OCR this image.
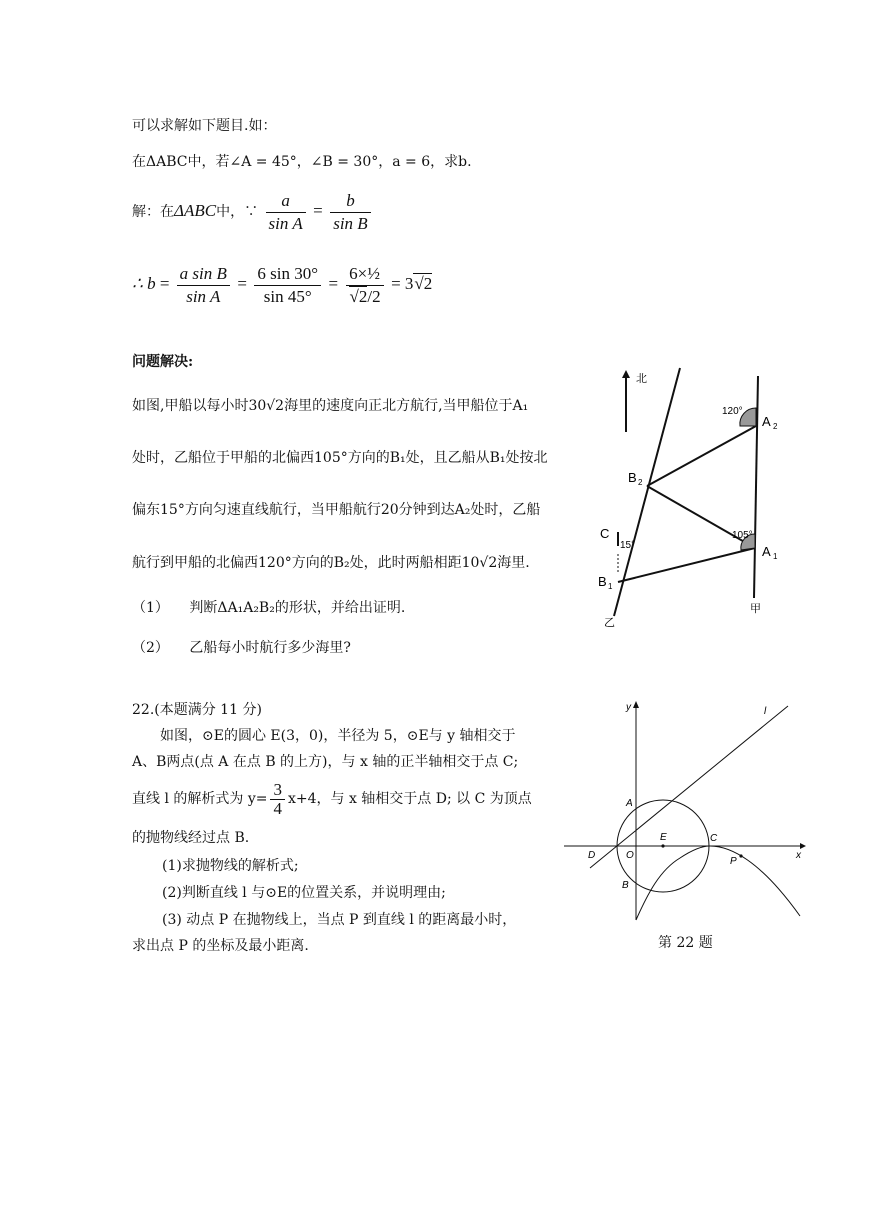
可以求解如下题目.如：
在ΔABC中，若∠A = 45°，∠B = 30°，a = 6，求b.
解：在ΔABC中，∵ $\frac{a}{\text{sin A}} = \frac{b}{\text{sin B}}$
∴ $b = \frac{\text{a sin B}}{\text{sin A}} = \frac{6 \sin 30^\circ}{\sin 45^\circ} = \frac{\text{6×½}}{√2/2} = 3√2$
问题解决:
如图,甲船以每小时30√2海里的速度向正北方航行,当甲船位于A₁
处时，乙船位于甲船的北偏西105°方向的B₁处，且乙船从B₁处按北
偏东15°方向匀速直线航行，当甲船航行20分钟到达A₂处时，乙船
航行到甲船的北偏西120°方向的B₂处，此时两船相距10√2海里.
（1） 判断ΔA₁A₂B₂的形状，并给出证明.
（2） 乙船每小时航行多少海里?
北
120°
105°
15°
A 2
A 1
B 2
B 1
C
乙
甲
22.(本题满分 11 分)
如图，⊙E的圆心 E(3，0)，半径为 5，⊙E与 y 轴相交于
A、B两点(点 A 在点 B 的上方)，与 x 轴的正半轴相交于点 C;
直线 l 的解析式为 $y= \frac{3}{4} x+4$，与 x 轴相交于点 D; 以 C 为顶点
的抛物线经过点 B.
(1)求抛物线的解析式;
(2)判断直线 l 与⊙E的位置关系，并说明理由;
(3) 动点 P 在抛物线上，当点 P 到直线 l 的距离最小时，
求出点 P 的坐标及最小距离.
y
x
l
A
B
C
D
E
O
P
第 22 题
